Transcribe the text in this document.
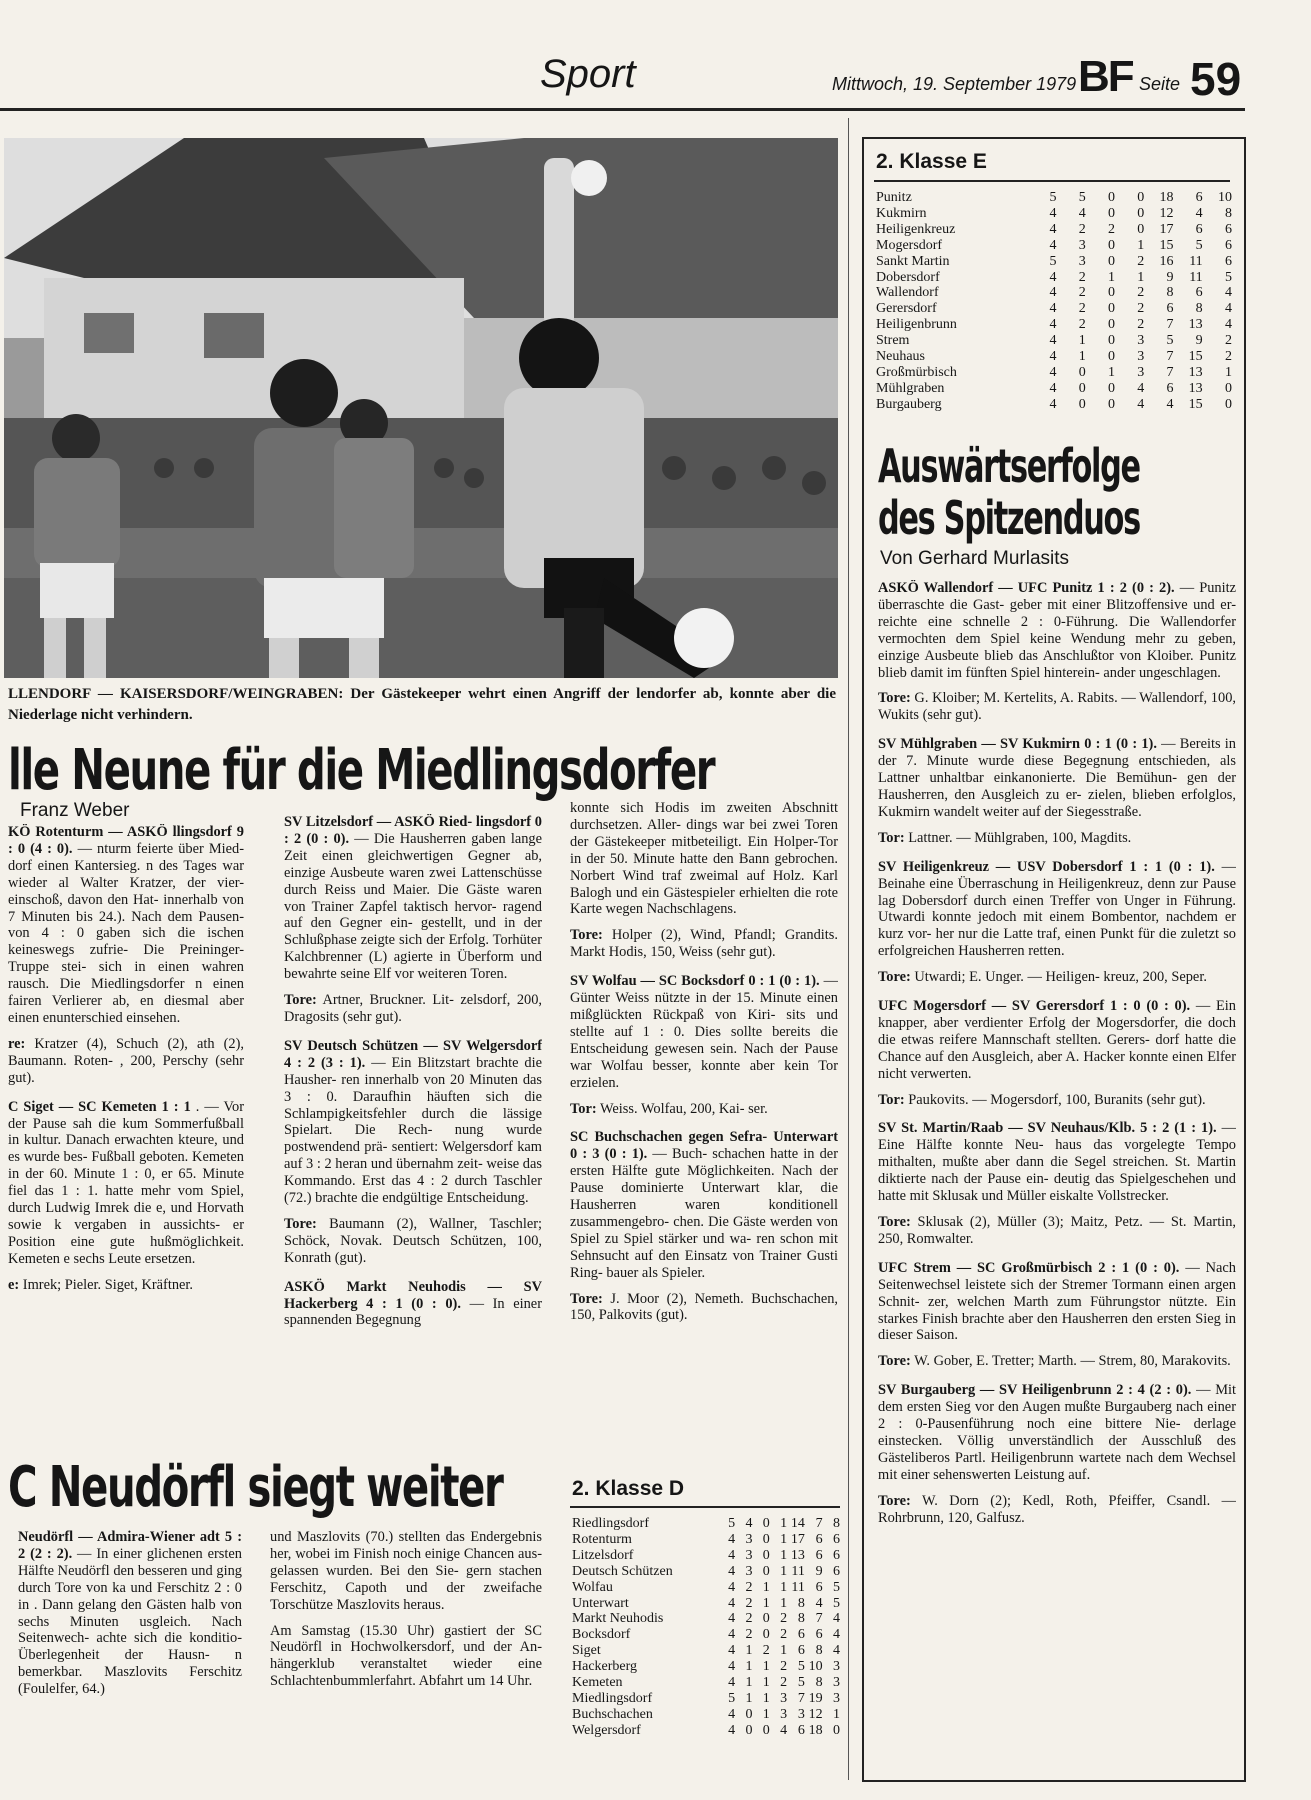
Sport	Mittwoch, 19. September 1979 BF Seite 59
LLENDORF — KAISERSDORF/WEINGRABEN: Der Gästekeeper wehrt einen Angriff der lendorfer ab, konnte aber die Niederlage nicht verhindern.
lle Neune für die Miedlingsdorfer
Franz Weber

KÖ Rotenturm — ASKÖ llingsdorf 9 : 0 (4 : 0). — nturm feierte über Mied- dorf einen Kantersieg. n des Tages war wieder al Walter Kratzer, der vier- einschoß, davon den Hat- innerhalb von 7 Minuten bis 24.). Nach dem Pausen- von 4 : 0 gaben sich die ischen keineswegs zufrie- Die Preininger-Truppe stei- sich in einen wahren rausch. Die Miedlingsdorfer n einen fairen Verlierer ab, en diesmal aber einen enunterschied einsehen.

re: Kratzer (4), Schuch (2), ath (2), Baumann. Roten- , 200, Perschy (sehr gut).

C Siget — SC Kemeten 1 : 1 . — Vor der Pause sah die kum Sommerfußball in kultur. Danach erwachten kteure, und es wurde bes- Fußball geboten. Kemeten in der 60. Minute 1 : 0, er 65. Minute fiel das 1 : 1. hatte mehr vom Spiel, durch Ludwig Imrek die e, und Horvath sowie k vergaben in aussichts- er Position eine gute hußmöglichkeit. Kemeten e sechs Leute ersetzen.

e: Imrek; Pieler. Siget, Kräftner.

SV Litzelsdorf — ASKÖ Ried- lingsdorf 0 : 2 (0 : 0). — Die Hausherren gaben lange Zeit einen gleichwertigen Gegner ab, einzige Ausbeute waren zwei Lattenschüsse durch Reiss und Maier. Die Gäste waren von Trainer Zapfel taktisch hervor- ragend auf den Gegner ein- gestellt, und in der Schlußphase zeigte sich der Erfolg. Torhüter Kalchbrenner (L) agierte in Überform und bewahrte seine Elf vor weiteren Toren.

Tore: Artner, Bruckner. Lit- zelsdorf, 200, Dragosits (sehr gut).

SV Deutsch Schützen — SV Welgersdorf 4 : 2 (3 : 1). — Ein Blitzstart brachte die Hausher- ren innerhalb von 20 Minuten das 3 : 0. Daraufhin häuften sich die Schlampigkeitsfehler durch die lässige Spielart. Die Rech- nung wurde postwendend prä- sentiert: Welgersdorf kam auf 3 : 2 heran und übernahm zeit- weise das Kommando. Erst das 4 : 2 durch Taschler (72.) brachte die endgültige Entscheidung.

Tore: Baumann (2), Wallner, Taschler; Schöck, Novak. Deutsch Schützen, 100, Konrath (gut).

ASKÖ Markt Neuhodis — SV Hackerberg 4 : 1 (0 : 0). — In einer spannenden Begegnung

konnte sich Hodis im zweiten Abschnitt durchsetzen. Aller- dings war bei zwei Toren der Gästekeeper mitbeteiligt. Ein Holper-Tor in der 50. Minute hatte den Bann gebrochen. Norbert Wind traf zweimal auf Holz. Karl Balogh und ein Gästespieler erhielten die rote Karte wegen Nachschlagens.

Tore: Holper (2), Wind, Pfandl; Grandits. Markt Hodis, 150, Weiss (sehr gut).

SV Wolfau — SC Bocksdorf 0 : 1 (0 : 1). — Günter Weiss nützte in der 15. Minute einen mißglückten Rückpaß von Kiri- sits und stellte auf 1 : 0. Dies sollte bereits die Entscheidung gewesen sein. Nach der Pause war Wolfau besser, konnte aber kein Tor erzielen.

Tor: Weiss. Wolfau, 200, Kai- ser.

SC Buchschachen gegen Sefra- Unterwart 0 : 3 (0 : 1). — Buch- schachen hatte in der ersten Hälfte gute Möglichkeiten. Nach der Pause dominierte Unterwart klar, die Hausherren waren konditionell zusammengebro- chen. Die Gäste werden von Spiel zu Spiel stärker und wa- ren schon mit Sehnsucht auf den Einsatz von Trainer Gusti Ring- bauer als Spieler.

Tore: J. Moor (2), Nemeth. Buchschachen, 150, Palkovits (gut).

C Neudörfl siegt weiter

Neudörfl — Admira-Wiener adt 5 : 2 (2 : 2). — In einer glichenen ersten Hälfte Neudörfl den besseren und ging durch Tore von ka und Ferschitz 2 : 0 in . Dann gelang den Gästen halb von sechs Minuten usgleich. Nach Seitenwech- achte sich die konditio- Überlegenheit der Hausn- n bemerkbar. Maszlovits Ferschitz (Foulelfer, 64.)

und Maszlovits (70.) stellten das Endergebnis her, wobei im Finish noch einige Chancen aus- gelassen wurden. Bei den Sie- gern stachen Ferschitz, Capoth und der zweifache Torschütze Maszlovits heraus.

Am Samstag (15.30 Uhr) gastiert der SC Neudörfl in Hochwolkersdorf, und der An- hängerklub veranstaltet wieder eine Schlachtenbummlerfahrt. Abfahrt um 14 Uhr.

2. Klasse D
Riedlingsdorf	5	4	0	1	14	7	8
Rotenturm	4	3	0	1	17	6	6
Litzelsdorf	4	3	0	1	13	6	6
Deutsch Schützen	4	3	0	1	11	9	6
Wolfau	4	2	1	1	11	6	5
Unterwart	4	2	1	1	8	4	5
Markt Neuhodis	4	2	0	2	8	7	4
Bocksdorf	4	2	0	2	6	6	4
Siget	4	1	2	1	6	8	4
Hackerberg	4	1	1	2	5	10	3
Kemeten	4	1	1	2	5	8	3
Miedlingsdorf	5	1	1	3	7	19	3
Buchschachen	4	0	1	3	3	12	1
Welgersdorf	4	0	0	4	6	18	0
2. Klasse E
Punitz	5	5	0	0	18	6	10
Kukmirn	4	4	0	0	12	4	8
Heiligenkreuz	4	2	2	0	17	6	6
Mogersdorf	4	3	0	1	15	5	6
Sankt Martin	5	3	0	2	16	11	6
Dobersdorf	4	2	1	1	9	11	5
Wallendorf	4	2	0	2	8	6	4
Gerersdorf	4	2	0	2	6	8	4
Heiligenbrunn	4	2	0	2	7	13	4
Strem	4	1	0	3	5	9	2
Neuhaus	4	1	0	3	7	15	2
Großmürbisch	4	0	1	3	7	13	1
Mühlgraben	4	0	0	4	6	13	0
Burgauberg	4	0	0	4	4	15	0
Auswärtserfolge des Spitzenduos
Von Gerhard Murlasits

ASKÖ Wallendorf — UFC Punitz 1 : 2 (0 : 2). — Punitz überraschte die Gast- geber mit einer Blitzoffensive und er- reichte eine schnelle 2 : 0-Führung. Die Wallendorfer vermochten dem Spiel keine Wendung mehr zu geben, einzige Ausbeute blieb das Anschlußtor von Kloiber. Punitz blieb damit im fünften Spiel hinterein- ander ungeschlagen.

Tore: G. Kloiber; M. Kertelits, A. Rabits. — Wallendorf, 100, Wukits (sehr gut).

SV Mühlgraben — SV Kukmirn 0 : 1 (0 : 1). — Bereits in der 7. Minute wurde diese Begegnung entschieden, als Lattner unhaltbar einkanonierte. Die Bemühun- gen der Hausherren, den Ausgleich zu er- zielen, blieben erfolglos, Kukmirn wandelt weiter auf der Siegesstraße.

Tor: Lattner. — Mühlgraben, 100, Magdits.

SV Heiligenkreuz — USV Dobersdorf 1 : 1 (0 : 1). — Beinahe eine Überraschung in Heiligenkreuz, denn zur Pause lag Dobersdorf durch einen Treffer von Unger in Führung. Utwardi konnte jedoch mit einem Bombentor, nachdem er kurz vor- her nur die Latte traf, einen Punkt für die zuletzt so erfolgreichen Hausherren retten.

Tore: Utwardi; E. Unger. — Heiligen- kreuz, 200, Seper.

UFC Mogersdorf — SV Gerersdorf 1 : 0 (0 : 0). — Ein knapper, aber verdienter Erfolg der Mogersdorfer, die doch die etwas reifere Mannschaft stellten. Gerers- dorf hatte die Chance auf den Ausgleich, aber A. Hacker konnte einen Elfer nicht verwerten.

Tor: Paukovits. — Mogersdorf, 100, Buranits (sehr gut).

SV St. Martin/Raab — SV Neuhaus/Klb. 5 : 2 (1 : 1). — Eine Hälfte konnte Neu- haus das vorgelegte Tempo mithalten, mußte aber dann die Segel streichen. St. Martin diktierte nach der Pause ein- deutig das Spielgeschehen und hatte mit Sklusak und Müller eiskalte Vollstrecker.

Tore: Sklusak (2), Müller (3); Maitz, Petz. — St. Martin, 250, Romwalter.

UFC Strem — SC Großmürbisch 2 : 1 (0 : 0). — Nach Seitenwechsel leistete sich der Stremer Tormann einen argen Schnit- zer, welchen Marth zum Führungstor nützte. Ein starkes Finish brachte aber den Hausherren den ersten Sieg in dieser Saison.

Tore: W. Gober, E. Tretter; Marth. — Strem, 80, Marakovits.

SV Burgauberg — SV Heiligenbrunn 2 : 4 (2 : 0). — Mit dem ersten Sieg vor den Augen mußte Burgauberg nach einer 2 : 0-Pausenführung noch eine bittere Nie- derlage einstecken. Völlig unverständlich der Ausschluß des Gästeliberos Partl. Heiligenbrunn wartete nach dem Wechsel mit einer sehenswerten Leistung auf.

Tore: W. Dorn (2); Kedl, Roth, Pfeiffer, Csandl. — Rohrbrunn, 120, Galfusz.
